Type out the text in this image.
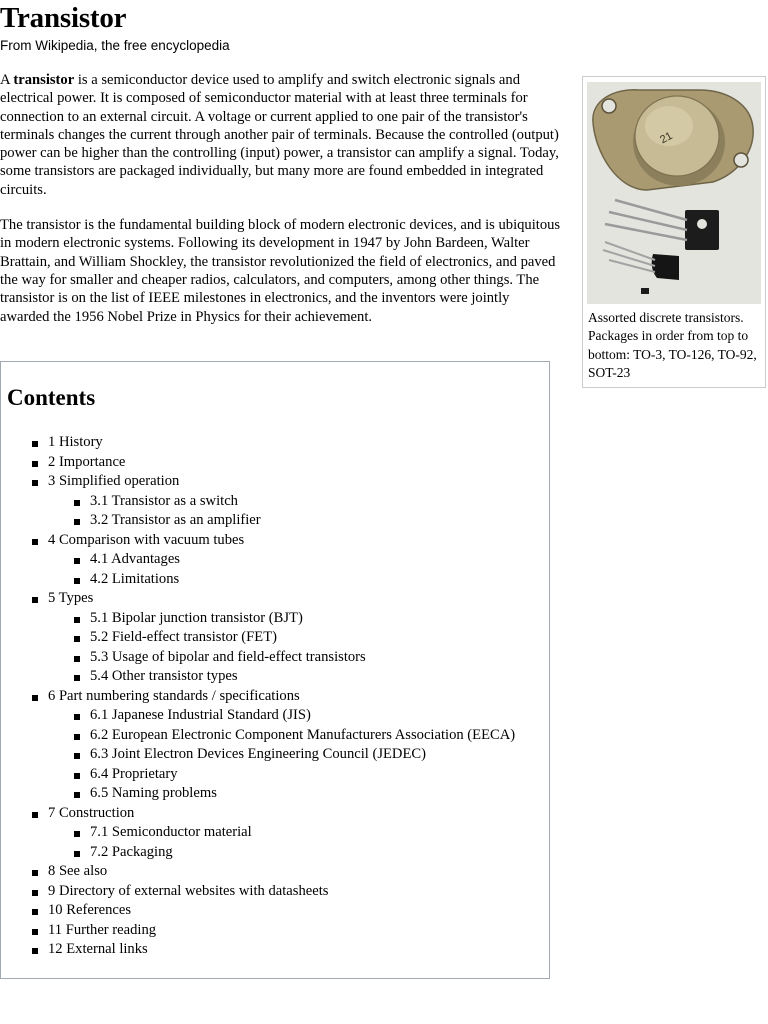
Transistor
From Wikipedia, the free encyclopedia

A transistor is a semiconductor device used to amplify and switch electronic signals and electrical power. It is composed of semiconductor material with at least three terminals for connection to an external circuit. A voltage or current applied to one pair of the transistor's terminals changes the current through another pair of terminals. Because the controlled (output) power can be higher than the controlling (input) power, a transistor can amplify a signal. Today, some transistors are packaged individually, but many more are found embedded in integrated circuits.

The transistor is the fundamental building block of modern electronic devices, and is ubiquitous in modern electronic systems. Following its development in 1947 by John Bardeen, Walter Brattain, and William Shockley, the transistor revolutionized the field of electronics, and paved the way for smaller and cheaper radios, calculators, and computers, among other things. The transistor is on the list of IEEE milestones in electronics, and the inventors were jointly awarded the 1956 Nobel Prize in Physics for their achievement.

21
Assorted discrete transistors. Packages in order from top to bottom: TO-3, TO-126, TO-92, SOT-23
Contents
1 History
2 Importance
3 Simplified operation
3.1 Transistor as a switch
3.2 Transistor as an amplifier
4 Comparison with vacuum tubes
4.1 Advantages
4.2 Limitations
5 Types
5.1 Bipolar junction transistor (BJT)
5.2 Field-effect transistor (FET)
5.3 Usage of bipolar and field-effect transistors
5.4 Other transistor types
6 Part numbering standards / specifications
6.1 Japanese Industrial Standard (JIS)
6.2 European Electronic Component Manufacturers Association (EECA)
6.3 Joint Electron Devices Engineering Council (JEDEC)
6.4 Proprietary
6.5 Naming problems
7 Construction
7.1 Semiconductor material
7.2 Packaging
8 See also
9 Directory of external websites with datasheets
10 References
11 Further reading
12 External links
